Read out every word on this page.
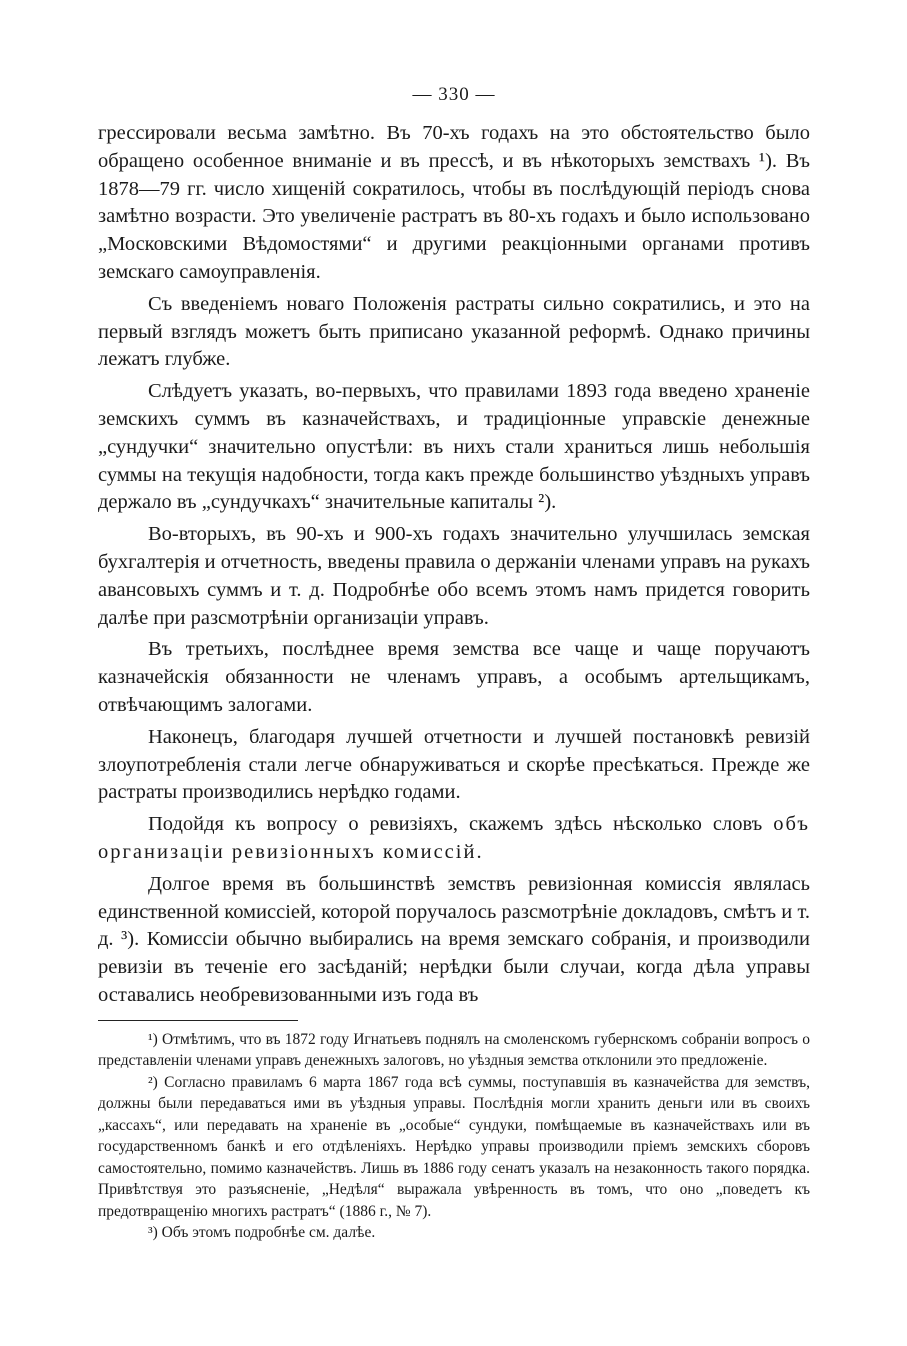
— 330 —

грессировали весьма замѣтно. Въ 70-хъ годахъ на это обстоятельство было обращено особенное вниманіе и въ прессѣ, и въ нѣкоторыхъ земствахъ ¹). Въ 1878—79 гг. число хищеній сократилось, чтобы въ послѣдующій періодъ снова замѣтно возрасти. Это увеличеніе растратъ въ 80-хъ годахъ и было использовано „Московскими Вѣдомостями“ и другими реакціонными органами противъ земскаго самоуправленія.

Съ введеніемъ новаго Положенія растраты сильно сократились, и это на первый взглядъ можетъ быть приписано указанной реформѣ. Однако причины лежатъ глубже.

Слѣдуетъ указать, во-первыхъ, что правилами 1893 года введено храненіе земскихъ суммъ въ казначействахъ, и традиціонные управскіе денежные „сундучки“ значительно опустѣли: въ нихъ стали храниться лишь небольшія суммы на текущія надобности, тогда какъ прежде большинство уѣздныхъ управъ держало въ „сундучкахъ“ значительные капиталы ²).

Во-вторыхъ, въ 90-хъ и 900-хъ годахъ значительно улучшилась земская бухгалтерія и отчетность, введены правила о держаніи членами управъ на рукахъ авансовыхъ суммъ и т. д. Подробнѣе обо всемъ этомъ намъ придется говорить далѣе при разсмотрѣніи организаціи управъ.

Въ третьихъ, послѣднее время земства все чаще и чаще поручаютъ казначейскія обязанности не членамъ управъ, а особымъ артельщикамъ, отвѣчающимъ залогами.

Наконецъ, благодаря лучшей отчетности и лучшей постановкѣ ревизій злоупотребленія стали легче обнаруживаться и скорѣе пресѣкаться. Прежде же растраты производились нерѣдко годами.

Подойдя къ вопросу о ревизіяхъ, скажемъ здѣсь нѣсколько словъ объ организаціи ревизіонныхъ комиссій.

Долгое время въ большинствѣ земствъ ревизіонная комиссія являлась единственной комиссіей, которой поручалось разсмотрѣніе докладовъ, смѣтъ и т. д. ³). Комиссіи обычно выбирались на время земскаго собранія, и производили ревизіи въ теченіе его засѣданій; нерѣдки были случаи, когда дѣла управы оставались необревизованными изъ года въ

¹) Отмѣтимъ, что въ 1872 году Игнатьевъ поднялъ на смоленскомъ губернскомъ собраніи вопросъ о представленіи членами управъ денежныхъ залоговъ, но уѣздныя земства отклонили это предложеніе.

²) Согласно правиламъ 6 марта 1867 года всѣ суммы, поступавшія въ казначейства для земствъ, должны были передаваться ими въ уѣздныя управы. Послѣднія могли хранить деньги или въ своихъ „кассахъ“, или передавать на храненіе въ „особые“ сундуки, помѣщаемые въ казначействахъ или въ государственномъ банкѣ и его отдѣленіяхъ. Нерѣдко управы производили пріемъ земскихъ сборовъ самостоятельно, помимо казначействъ. Лишь въ 1886 году сенатъ указалъ на незаконность такого порядка. Привѣтствуя это разъясненіе, „Недѣля“ выражала увѣренность въ томъ, что оно „поведетъ къ предотвращенію многихъ растратъ“ (1886 г., № 7).

³) Объ этомъ подробнѣе см. далѣе.
